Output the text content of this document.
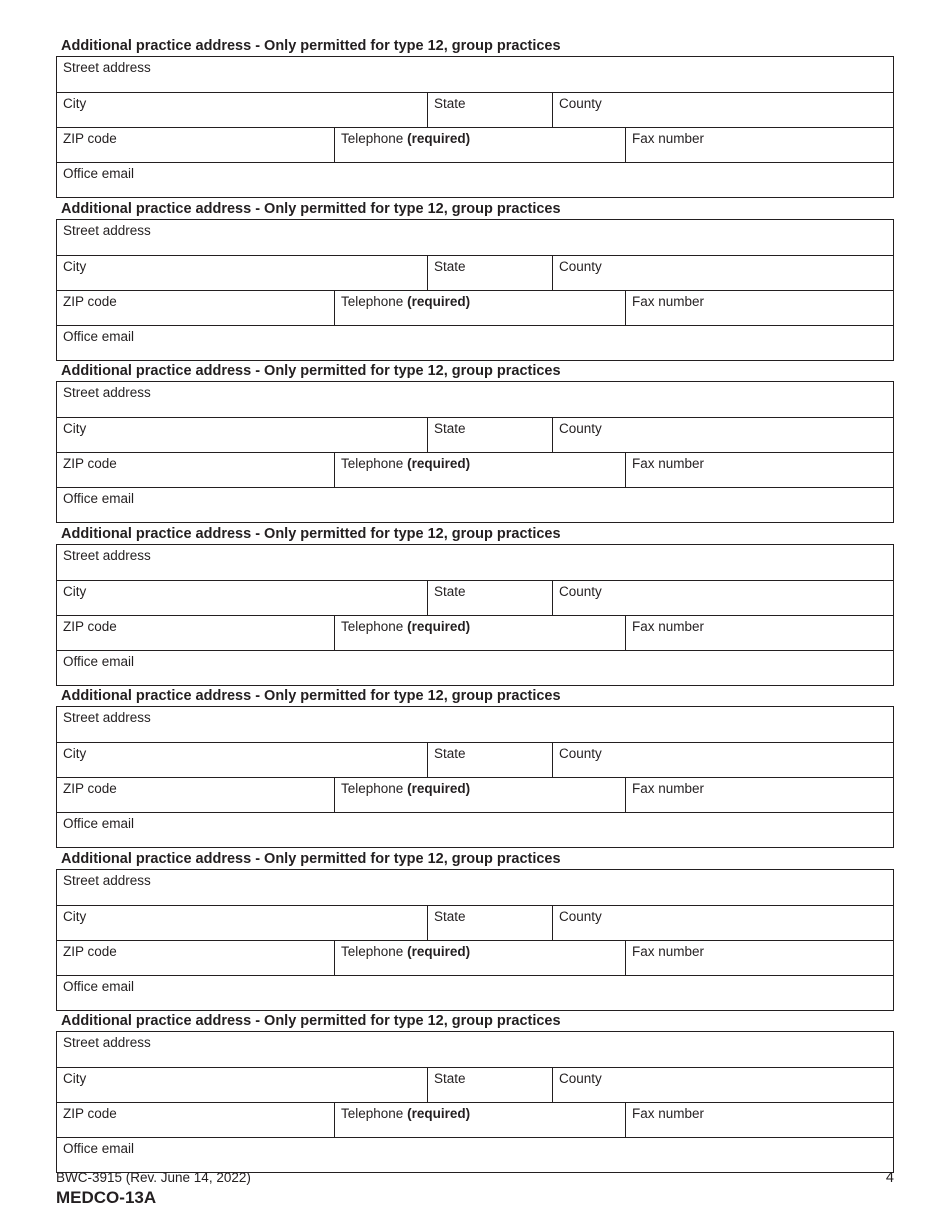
Additional practice address - Only permitted for type 12, group practices
Street address
City	State	County
ZIP code	Telephone (required)	Fax number
Office email
Additional practice address - Only permitted for type 12, group practices
Street address
City	State	County
ZIP code	Telephone (required)	Fax number
Office email
Additional practice address - Only permitted for type 12, group practices
Street address
City	State	County
ZIP code	Telephone (required)	Fax number
Office email
Additional practice address - Only permitted for type 12, group practices
Street address
City	State	County
ZIP code	Telephone (required)	Fax number
Office email
Additional practice address - Only permitted for type 12, group practices
Street address
City	State	County
ZIP code	Telephone (required)	Fax number
Office email
Additional practice address - Only permitted for type 12, group practices
Street address
City	State	County
ZIP code	Telephone (required)	Fax number
Office email
Additional practice address - Only permitted for type 12, group practices
Street address
City	State	County
ZIP code	Telephone (required)	Fax number
Office email
BWC-3915 (Rev. June 14, 2022)	4
MEDCO-13A
